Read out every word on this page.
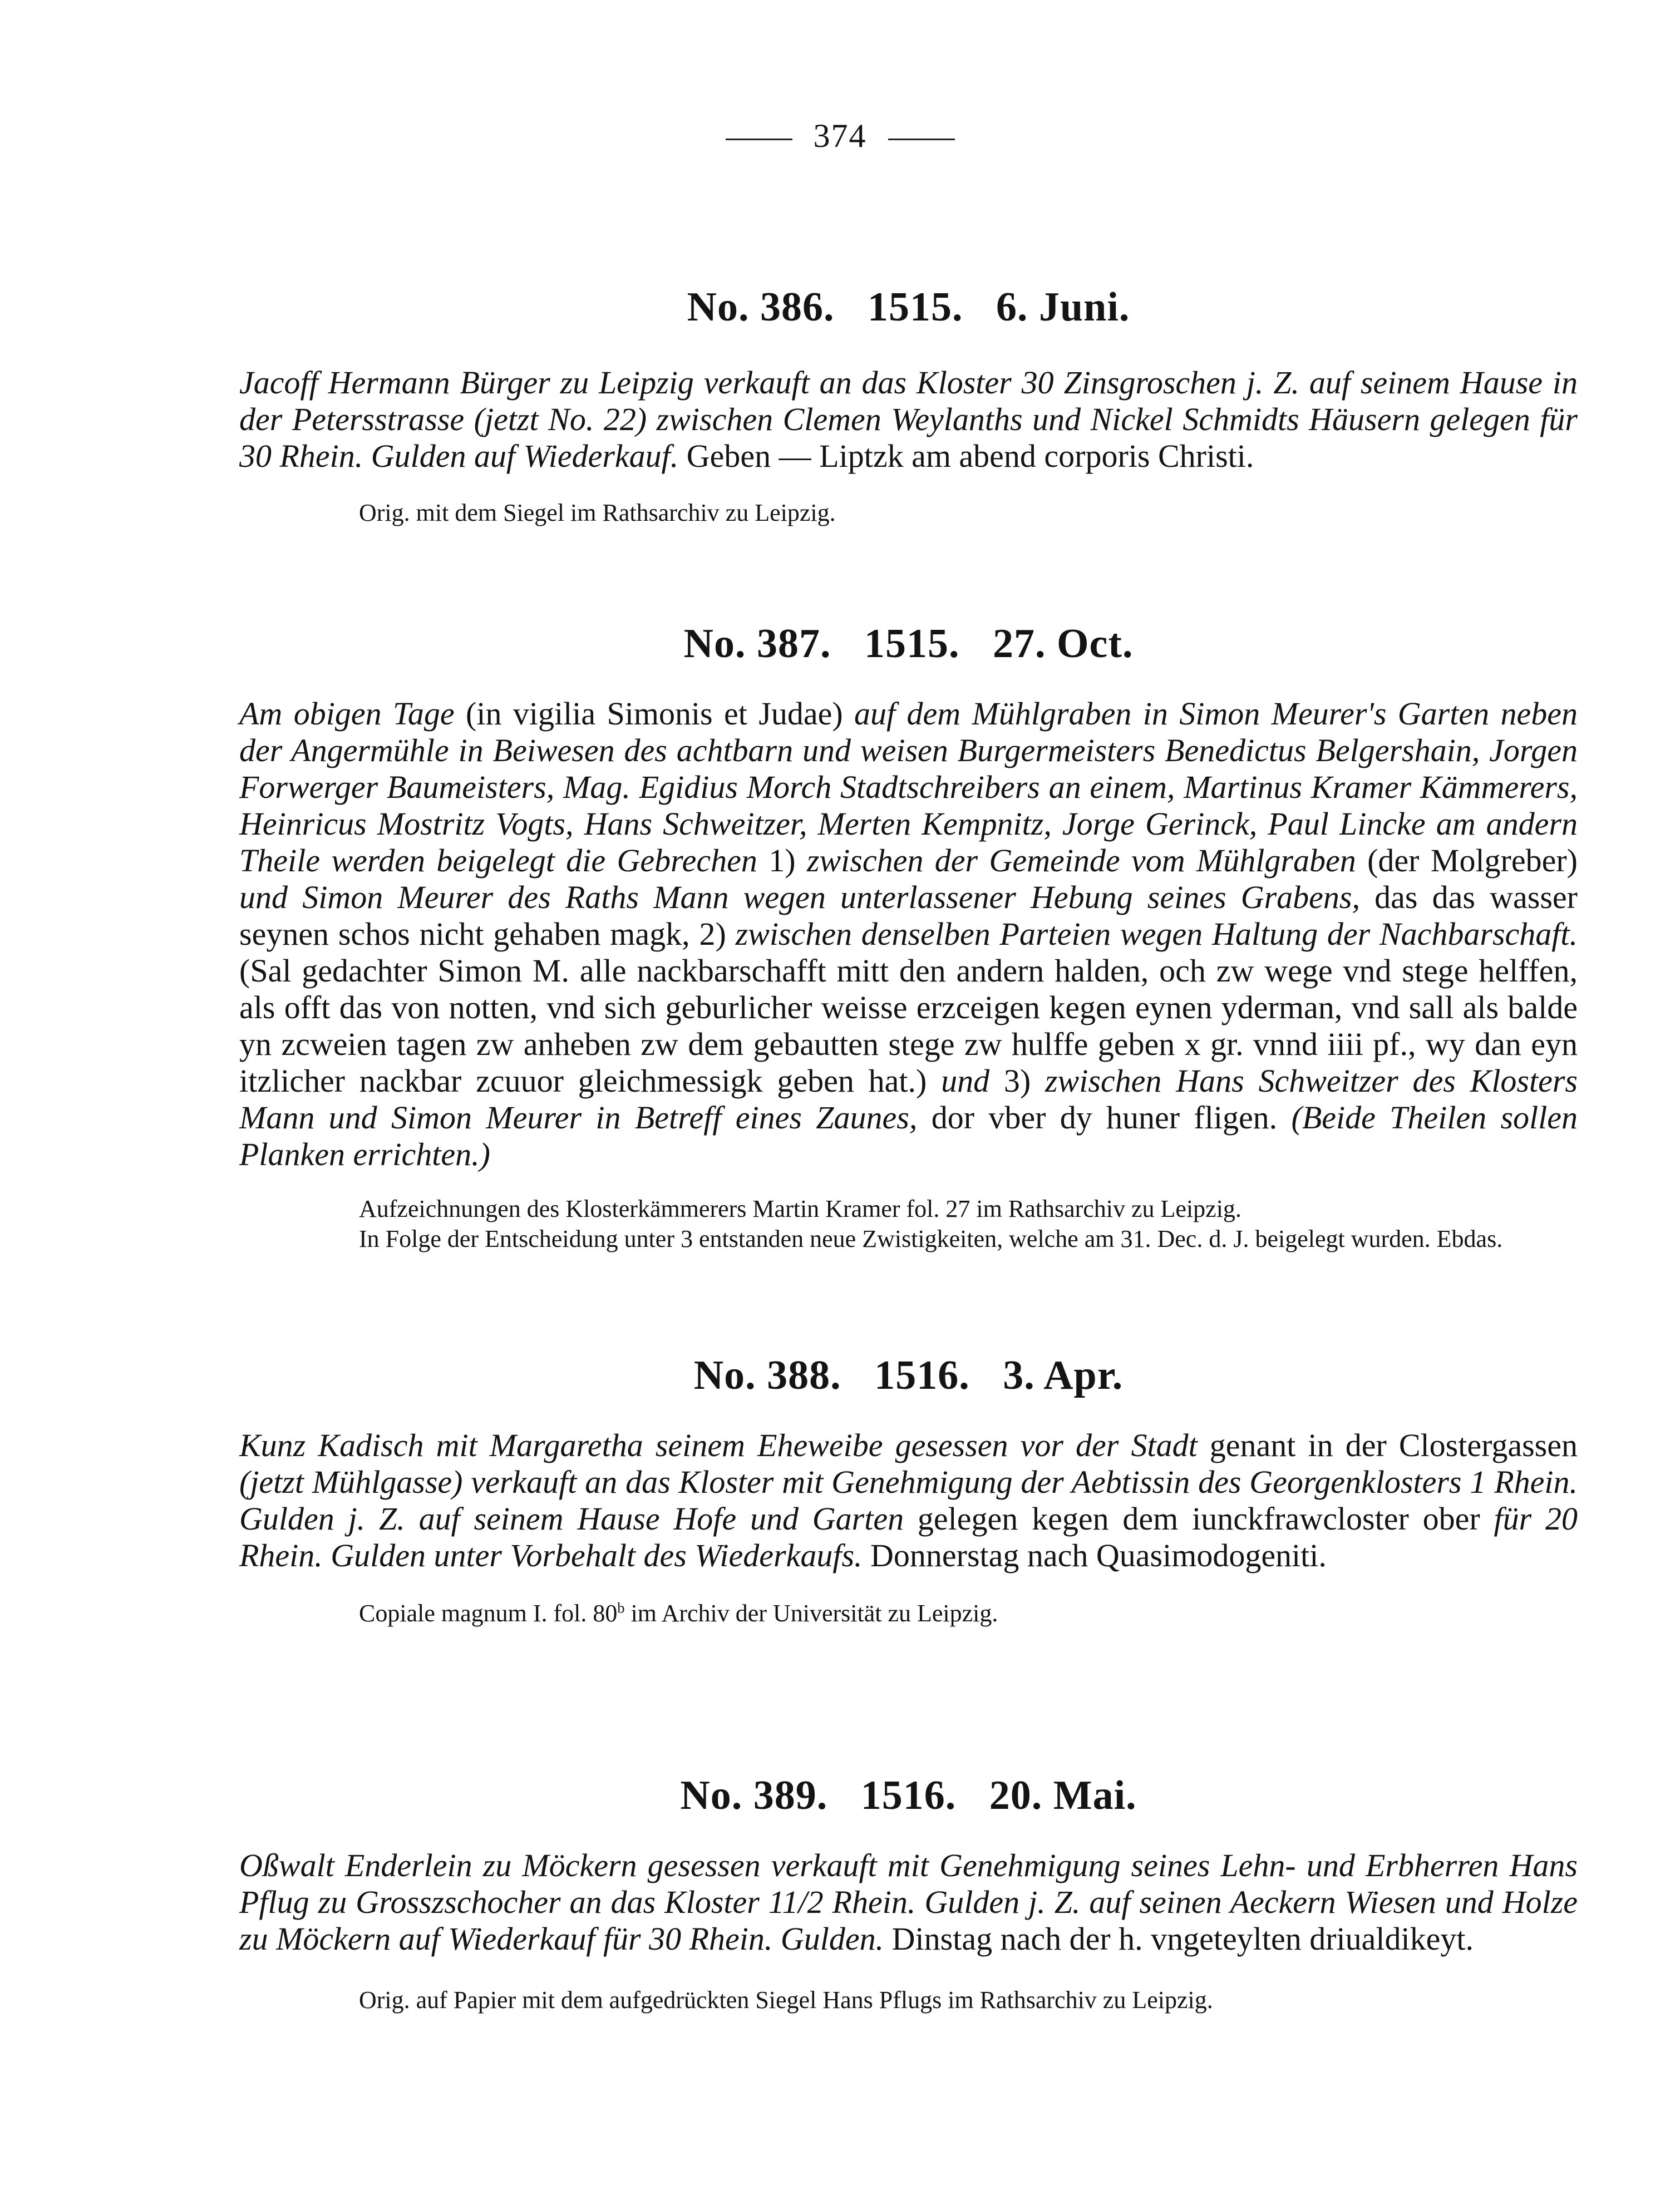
374
No. 386. 1515. 6. Juni.

Jacoff Hermann Bürger zu Leipzig verkauft an das Kloster 30 Zinsgroschen j. Z. auf seinem Hause in der Petersstrasse (jetzt No. 22) zwischen Clemen Weylanths und Nickel Schmidts Häusern gelegen für 30 Rhein. Gulden auf Wiederkauf. Geben — Liptzk am abend corporis Christi.

Orig. mit dem Siegel im Rathsarchiv zu Leipzig.

No. 387. 1515. 27. Oct.

Am obigen Tage (in vigilia Simonis et Judae) auf dem Mühlgraben in Simon Meurer's Garten neben der Angermühle in Beiwesen des achtbarn und weisen Burgermeisters Benedictus Belgershain, Jorgen Forwerger Baumeisters, Mag. Egidius Morch Stadtschreibers an einem, Martinus Kramer Kämmerers, Heinricus Mostritz Vogts, Hans Schweitzer, Merten Kempnitz, Jorge Gerinck, Paul Lincke am andern Theile werden beigelegt die Gebrechen 1) zwischen der Gemeinde vom Mühlgraben (der Molgreber) und Simon Meurer des Raths Mann wegen unterlassener Hebung seines Grabens, das das wasser seynen schos nicht gehaben magk, 2) zwischen denselben Parteien wegen Haltung der Nachbarschaft. (Sal gedachter Simon M. alle nackbarschafft mitt den andern halden, och zw wege vnd stege helffen, als offt das von notten, vnd sich geburlicher weisse erzceigen kegen eynen yderman, vnd sall als balde yn zcweien tagen zw anheben zw dem gebautten stege zw hulffe geben x gr. vnnd iiii pf., wy dan eyn itzlicher nackbar zcuuor gleichmessigk geben hat.) und 3) zwischen Hans Schweitzer des Klosters Mann und Simon Meurer in Betreff eines Zaunes, dor vber dy huner fligen. (Beide Theilen sollen Planken errichten.)

Aufzeichnungen des Klosterkämmerers Martin Kramer fol. 27 im Rathsarchiv zu Leipzig.

In Folge der Entscheidung unter 3 entstanden neue Zwistigkeiten, welche am 31. Dec. d. J. beigelegt wurden. Ebdas.

No. 388. 1516. 3. Apr.

Kunz Kadisch mit Margaretha seinem Eheweibe gesessen vor der Stadt genant in der Clostergassen (jetzt Mühlgasse) verkauft an das Kloster mit Genehmigung der Aebtissin des Georgenklosters 1 Rhein. Gulden j. Z. auf seinem Hause Hofe und Garten gelegen kegen dem iunckfrawcloster ober für 20 Rhein. Gulden unter Vorbehalt des Wiederkaufs. Donnerstag nach Quasimodogeniti.

Copiale magnum I. fol. 80$^b$ im Archiv der Universität zu Leipzig.

No. 389. 1516. 20. Mai.

Oßwalt Enderlein zu Möckern gesessen verkauft mit Genehmigung seines Lehn- und Erbherren Hans Pflug zu Grosszschocher an das Kloster 11/2 Rhein. Gulden j. Z. auf seinen Aeckern Wiesen und Holze zu Möckern auf Wiederkauf für 30 Rhein. Gulden. Dinstag nach der h. vngeteylten driualdikeyt.

Orig. auf Papier mit dem aufgedrückten Siegel Hans Pflugs im Rathsarchiv zu Leipzig.
